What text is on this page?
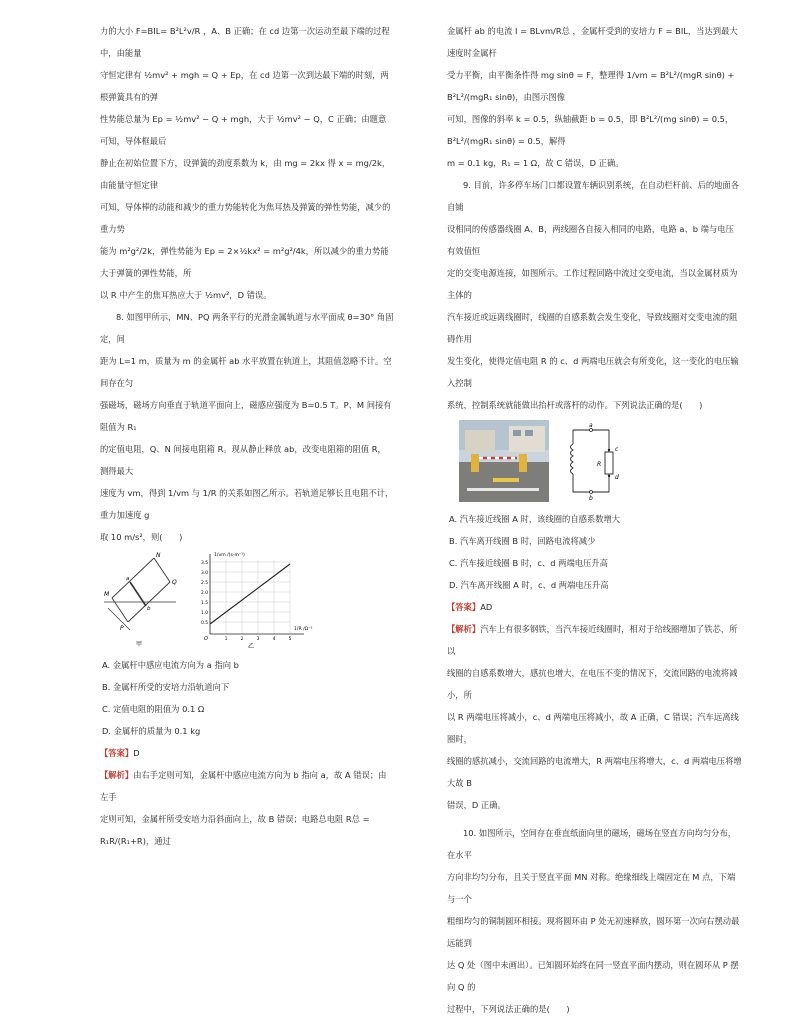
力的大小 F=BIL= B²L²v/R ，A、B 正确；在 cd 边第一次运动至最下端的过程中，由能量

守恒定律有 ½mv² + mgh = Q + Ep，在 cd 边第一次到达最下端的时刻，两根弹簧具有的弹

性势能总量为 Ep = ½mv² − Q + mgh，大于 ½mv² − Q，C 正确；由题意可知，导体框最后

静止在初始位置下方，设弹簧的劲度系数为 k，由 mg = 2kx 得 x = mg/2k，由能量守恒定律

可知，导体棒的动能和减少的重力势能转化为焦耳热及弹簧的弹性势能，减少的重力势

能为 m²g²/2k，弹性势能为 Ep = 2×½kx² = m²g²/4k，所以减少的重力势能大于弹簧的弹性势能，所

以 R 中产生的焦耳热应大于 ½mv²，D 错误。

8. 如图甲所示，MN、PQ 两条平行的光滑金属轨道与水平面成 θ=30° 角固定，间

距为 L=1 m，质量为 m 的金属杆 ab 水平放置在轨道上，其阻值忽略不计。空间存在匀

强磁场，磁场方向垂直于轨道平面向上，磁感应强度为 B=0.5 T。P、M 间接有阻值为 R₁

的定值电阻，Q、N 间接电阻箱 R。现从静止释放 ab，改变电阻箱的阻值 R，测得最大

速度为 vm，得到 1/vm 与 1/R 的关系如图乙所示。若轨道足够长且电阻不计，重力加速度 g

取 10 m/s²，则(　　)

M
N
P
Q
a
b
甲
1/vm /(s·m⁻¹)
1/R /Ω⁻¹
O
0.5
1.0
1.5
2.0
2.5
3.0
3.5
1	2	3	4	5
乙

A. 金属杆中感应电流方向为 a 指向 b

B. 金属杆所受的安培力沿轨道向下

C. 定值电阻的阻值为 0.1 Ω

D. 金属杆的质量为 0.1 kg

【答案】D

【解析】由右手定则可知，金属杆中感应电流方向为 b 指向 a，故 A 错误；由左手

定则可知，金属杆所受安培力沿斜面向上，故 B 错误；电路总电阻 R总 = R₁R/(R₁+R)，通过

金属杆 ab 的电流 I = BLvm/R总 ，金属杆受到的安培力 F = BIL，当达到最大速度时金属杆

受力平衡，由平衡条件得 mg sinθ = F，整理得 1/vm = B²L²/(mgR sinθ) + B²L²/(mgR₁ sinθ)，由图示图像

可知，图像的斜率 k = 0.5，纵轴截距 b = 0.5，即 B²L²/(mg sinθ) = 0.5，B²L²/(mgR₁ sinθ) = 0.5，解得

m = 0.1 kg，R₁ = 1 Ω，故 C 错误，D 正确。

9. 目前，许多停车场门口都设置车辆识别系统，在自动栏杆前、后的地面各自铺

设相同的传感器线圈 A、B，两线圈各自接入相同的电路，电路 a、b 端与电压有效值恒

定的交变电源连接，如图所示。工作过程回路中流过交变电流，当以金属材质为主体的

汽车接近或远离线圈时，线圈的自感系数会发生变化，导致线圈对交变电流的阻碍作用

发生变化，使得定值电阻 R 的 c、d 两端电压就会有所变化，这一变化的电压输入控制

系统，控制系统就能做出抬杆或落杆的动作。下列说法正确的是(　　)

a
b
c
d
R

A. 汽车接近线圈 A 时，该线圈的自感系数增大

B. 汽车离开线圈 B 时，回路电流将减少

C. 汽车接近线圈 B 时，c、d 两端电压升高

D. 汽车离开线圈 A 时，c、d 两端电压升高

【答案】AD

【解析】汽车上有很多钢铁，当汽车接近线圈时，相对于给线圈增加了铁芯，所以

线圈的自感系数增大，感抗也增大，在电压不变的情况下，交流回路的电流将减小，所

以 R 两端电压将减小，c、d 两端电压将减小，故 A 正确，C 错误；汽车远离线圈时，

线圈的感抗减小，交流回路的电流增大，R 两端电压将增大，c、d 两端电压将增大故 B

错误，D 正确。

10. 如图所示，空间存在垂直纸面向里的磁场，磁场在竖直方向均匀分布，在水平

方向非均匀分布，且关于竖直平面 MN 对称。绝缘细线上端固定在 M 点，下端与一个

粗细均匀的铜制圆环相接。现将圆环由 P 处无初速释放，圆环第一次向右摆动最远能到

达 Q 处（图中未画出）。已知圆环始终在同一竖直平面内摆动，则在圆环从 P 摆向 Q 的

过程中，下列说法正确的是(　　)
